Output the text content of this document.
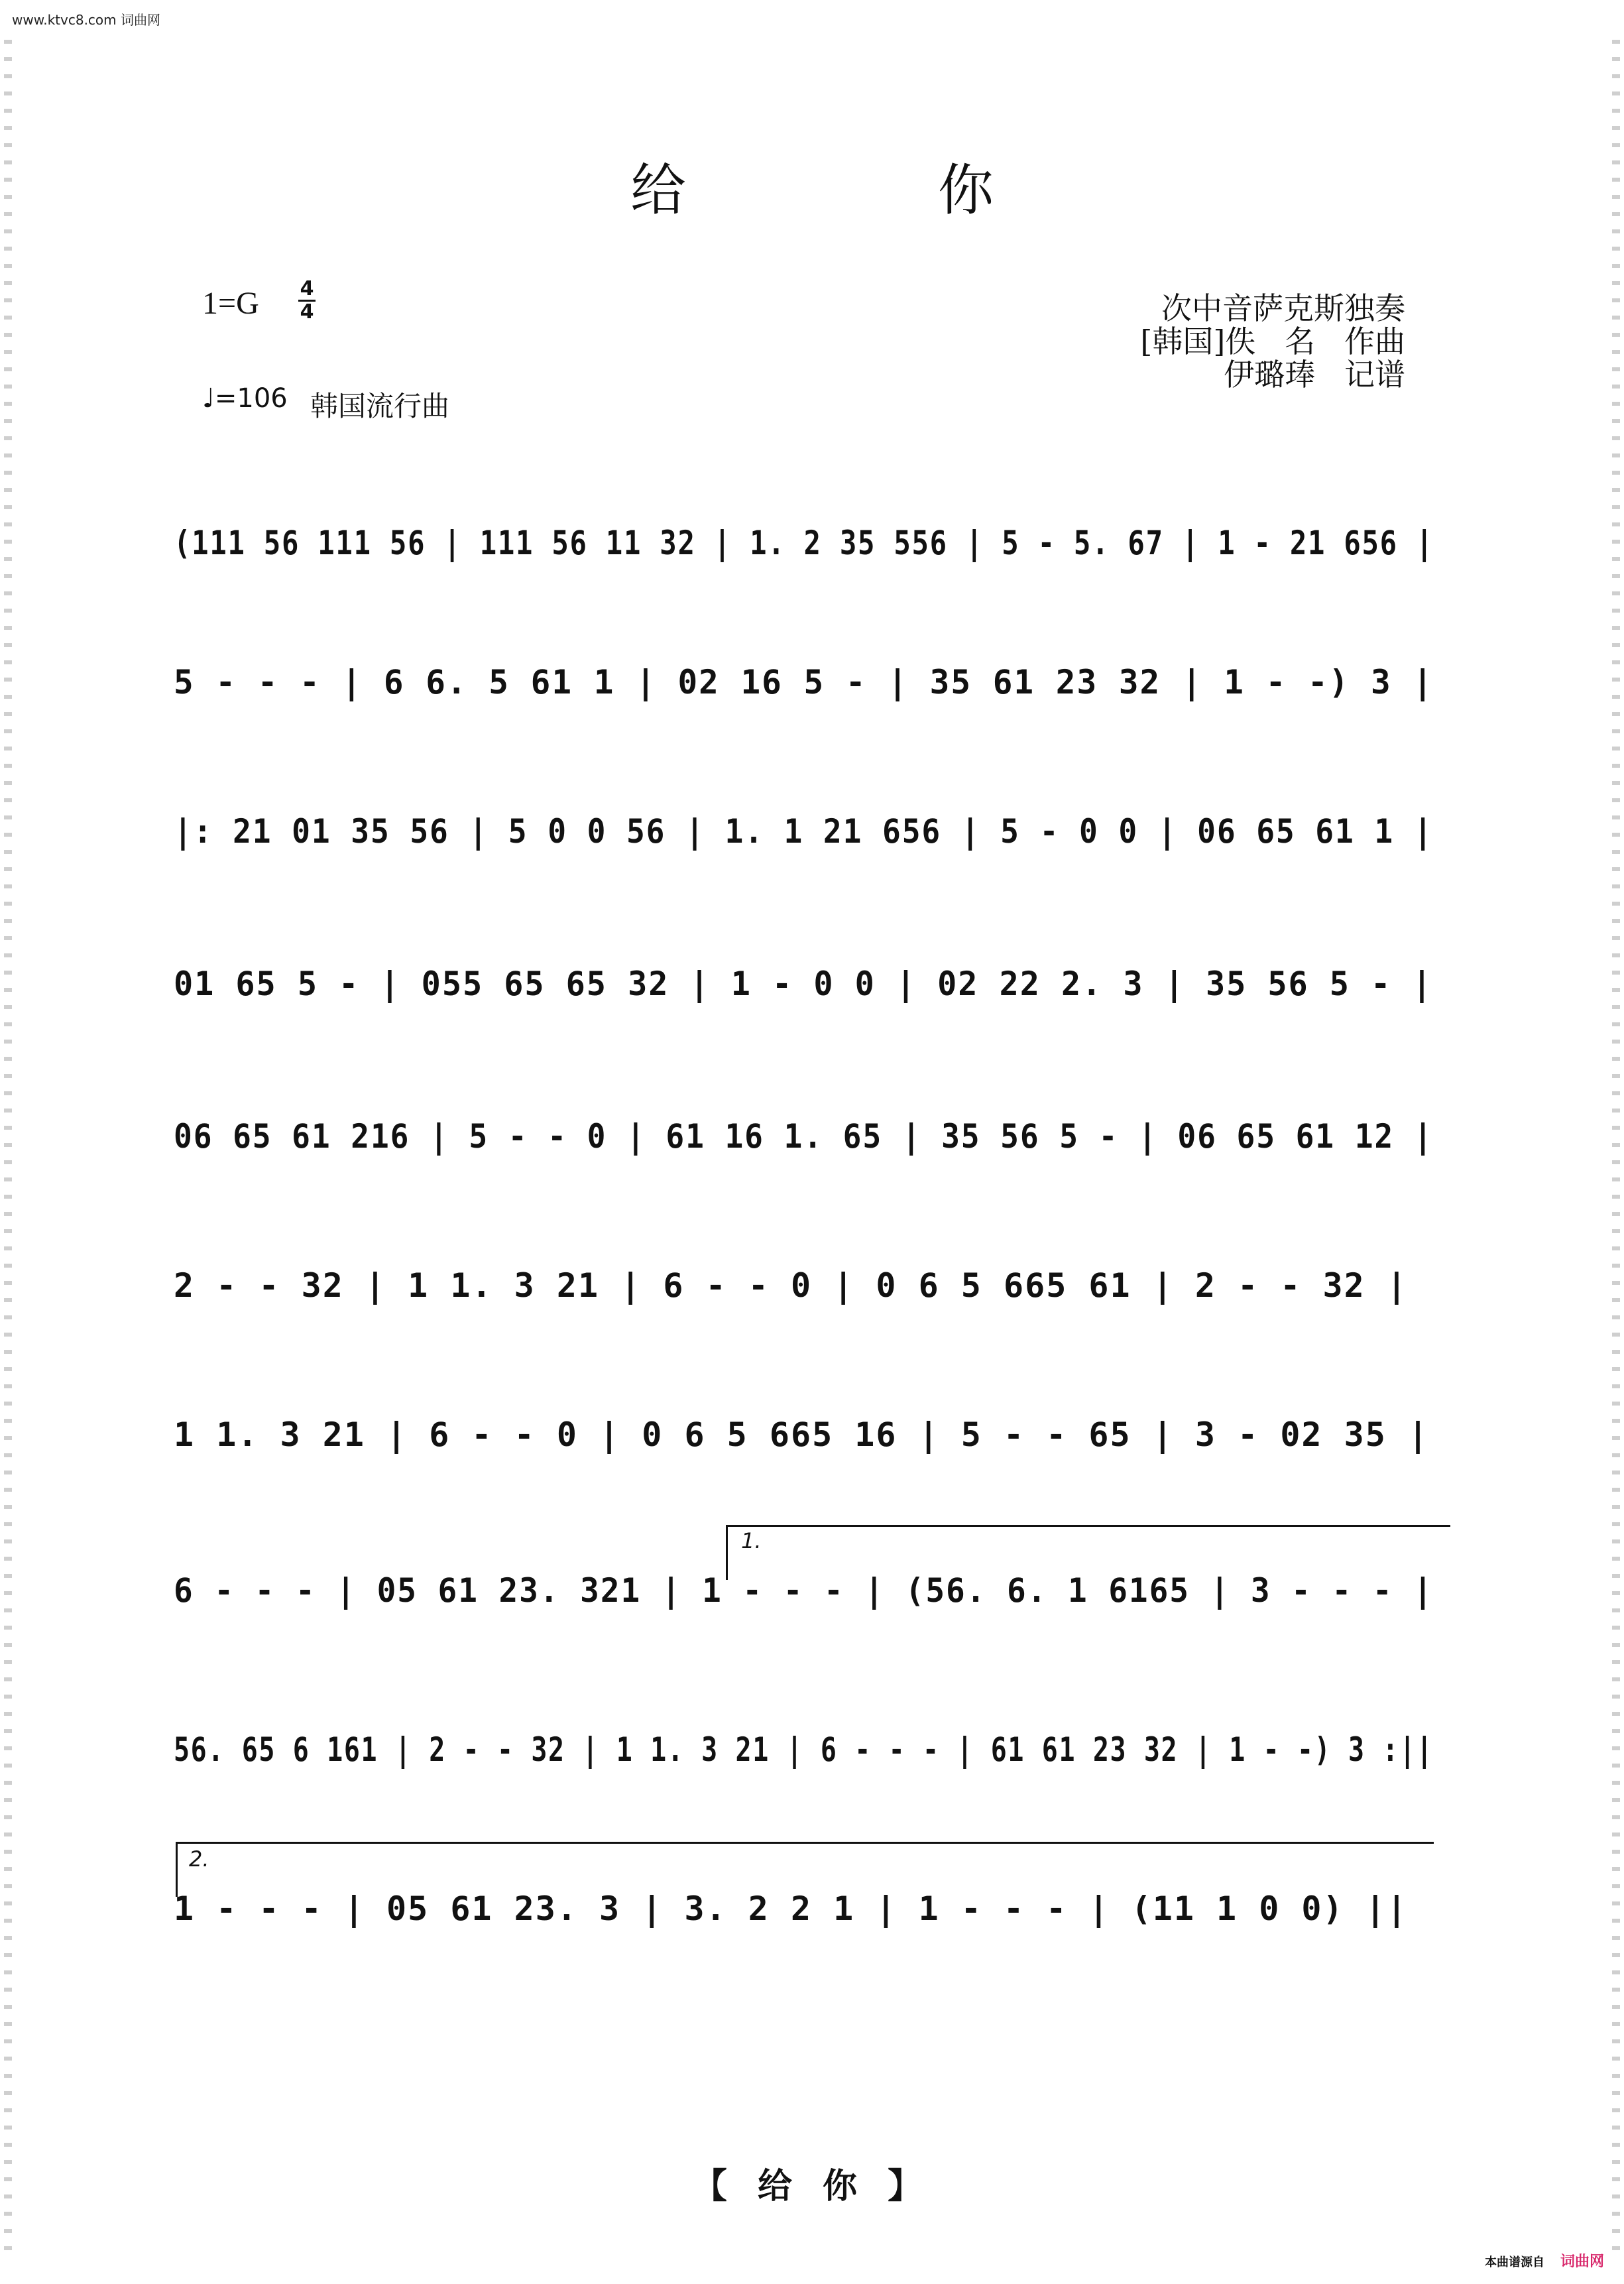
www.ktvc8.com 词曲网
给你
1=G 4
4
♩=106 韩国流行曲
次中音萨克斯独奏
[韩国]佚   名   作曲
伊璐琫   记谱
(111 56 111 56 | 111 56 11 32 | 1. 2 35 556 | 5 - 5. 67 | 1 - 21 656 |
5 - - - | 6 6. 5 61 1 | 02 16 5 - | 35 61 23 32 | 1 - -) 3 |
|: 21 01 35 56 | 5 0 0 56 | 1. 1 21 656 | 5 - 0 0 | 06 65 61 1 |
01 65 5 - | 055 65 65 32 | 1 - 0 0 | 02 22 2. 3 | 35 56 5 - |
06 65 61 216 | 5 - - 0 | 61 16 1. 65 | 35 56 5 - | 06 65 61 12 |
2 - - 32 | 1 1. 3 21 | 6 - - 0 | 0 6 5 665 61 | 2 - - 32 |
1 1. 3 21 | 6 - - 0 | 0 6 5 665 16 | 5 - - 65 | 3 - 02 35 |
6 - - - | 05 61 23. 321 | 1 - - - | (56. 6. 1 6165 | 3 - - - |
56. 65 6 161 | 2 - - 32 | 1 1. 3 21 | 6 - - - | 61 61 23 32 | 1 - -) 3 :||
1 - - - | 05 61 23. 3 | 3. 2 2 1 | 1 - - - | (11 1 0 0) ||
1.
2.
【 给 你 】
本曲谱源自 词曲网
